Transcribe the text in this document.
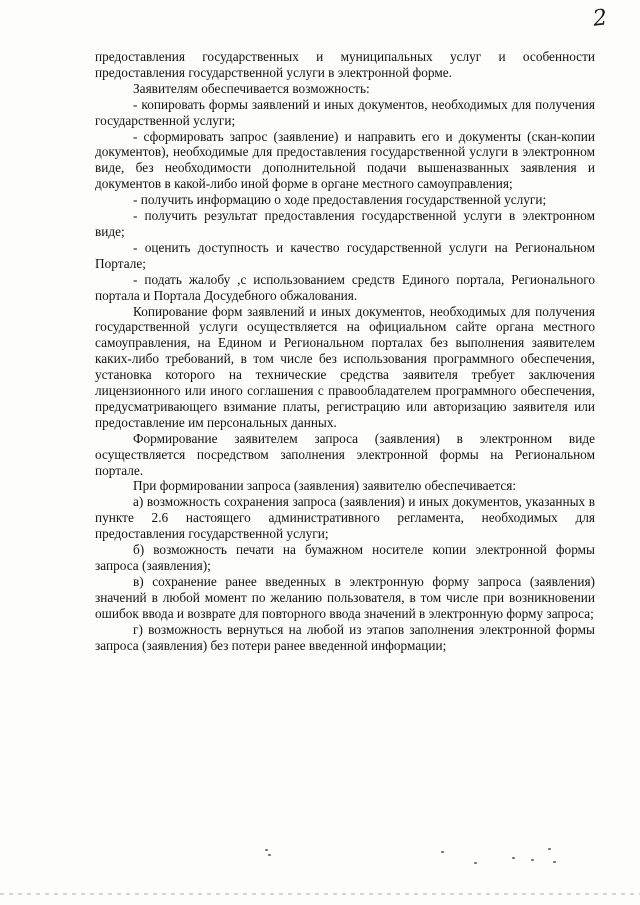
2

предоставления государственных и муниципальных услуг и особенности предоставления государственной услуги в электронной форме.

Заявителям обеспечивается возможность:

- копировать формы заявлений и иных документов, необходимых для получения государственной услуги;

- сформировать запрос (заявление) и направить его и документы (скан-копии документов), необходимые для предоставления государственной услуги в электронном виде, без необходимости дополнительной подачи вышеназванных заявления и документов в какой-либо иной форме в органе местного самоуправления;

- получить информацию о ходе предоставления государственной услуги;

- получить результат предоставления государственной услуги в электронном виде;

- оценить доступность и качество государственной услуги на Региональном Портале;

- подать жалобу ,с использованием средств Единого портала, Регионального портала и Портала Досудебного обжалования.

Копирование форм заявлений и иных документов, необходимых для получения государственной услуги осуществляется на официальном сайте органа местного самоуправления, на Едином и Региональном порталах без выполнения заявителем каких-либо требований, в том числе без использования программного обеспечения, установка которого на технические средства заявителя требует заключения лицензионного или иного соглашения с правообладателем программного обеспечения, предусматривающего взимание платы, регистрацию или авторизацию заявителя или предоставление им персональных данных.

Формирование заявителем запроса (заявления) в электронном виде осуществляется посредством заполнения электронной формы на Региональном портале.

При формировании запроса (заявления) заявителю обеспечивается:

а) возможность сохранения запроса (заявления) и иных документов, указанных в пункте 2.6 настоящего административного регламента, необходимых для предоставления государственной услуги;

б) возможность печати на бумажном носителе копии электронной формы запроса (заявления);

в) сохранение ранее введенных в электронную форму запроса (заявления) значений в любой момент по желанию пользователя, в том числе при возникновении ошибок ввода и возврате для повторного ввода значений в электронную форму запроса;

г) возможность вернуться на любой из этапов заполнения электронной формы запроса (заявления) без потери ранее введенной информации;
